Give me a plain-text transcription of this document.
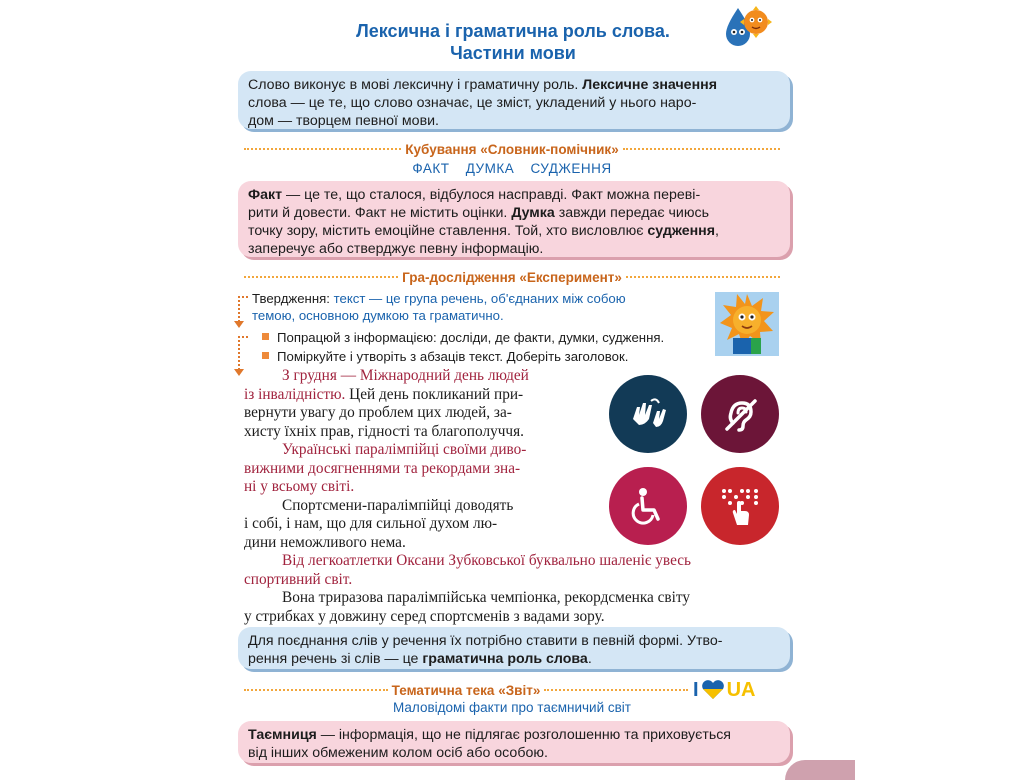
Лексична і граматична роль слова.
Частини мови
Слово виконує в мові лексичну і граматичну роль. Лексичне значення
слова — це те, що слово означає, це зміст, укладений у нього наро-
дом — творцем певної мови.
Кубування «Словник-помічник»
ФАКТ ДУМКА СУДЖЕННЯ
Факт — це те, що сталося, відбулося насправді. Факт можна переві-
рити й довести. Факт не містить оцінки. Думка завжди передає чиюсь
точку зору, містить емоційне ставлення. Той, хто висловлює судження,
заперечує або стверджує певну інформацію.
Гра-дослідження «Експеримент»
Твердження: текст — це група речень, об'єднаних між собою
темою, основною думкою та граматично.
Попрацюй з інформацією: досліди, де факти, думки, судження.
Поміркуйте і утворіть з абзаців текст. Доберіть заголовок.
З грудня — Міжнародний день людей
із інвалідністю. Цей день покликаний при-
вернути увагу до проблем цих людей, за-
хисту їхніх прав, гідності та благополуччя.
Українські паралімпійці своїми диво-
вижними досягненнями та рекордами зна-
ні у всьому світі.
Спортсмени-паралімпійці доводять
і собі, і нам, що для сильної духом лю-
дини неможливого нема.
Від легкоатлетки Оксани Зубковської буквально шаленіє увесь
спортивний світ.
Вона триразова паралімпійська чемпіонка, рекордсменка світу
у стрибках у довжину серед спортсменів з вадами зору.
Для поєднання слів у речення їх потрібно ставити в певній формі. Утво-
рення речень зі слів — це граматична роль слова.
Тематична тека «Звіт»	I UA
Маловідомі факти про таємничий світ
Таємниця — інформація, що не підлягає розголошенню та приховується
від інших обмеженим колом осіб або особою.
